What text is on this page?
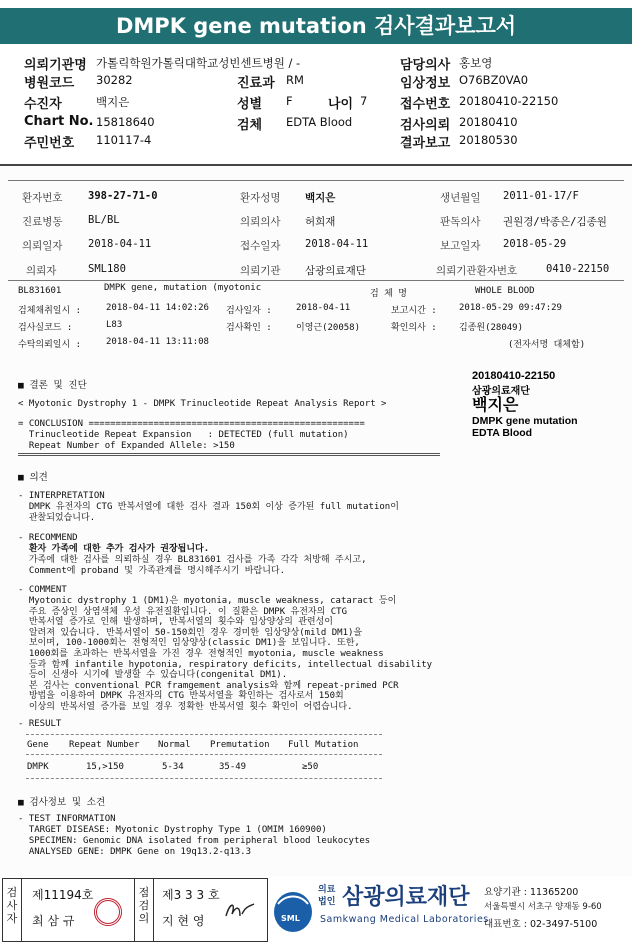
DMPK gene mutation 검사결과보고서
의뢰기관명 가톨릭학원가톨릭대학교성빈센트병원 / -
병원코드 30282
수진자	백지은
Chart No. 15818640
주민번호 110117-4
진료과 RM
성별 F	나이 7
검체 EDTA Blood
담당의사 홍보영
임상정보 O76BZ0VA0
접수번호 20180410-22150
검사의뢰 20180410
결과보고 20180530
환자번호 398-27-71-0	환자성명 백지은	생년월일 2011-01-17/F
진료병동 BL/BL	의뢰의사 허희재	판독의사 권원경/박종은/김종원
의뢰일자 2018-04-11	접수일자 2018-04-11	보고일자 2018-05-29
의뢰자	SML180	의뢰기관 삼광의료재단	의뢰기관환자번호	0410-22150
BL831601	DMPK gene, mutation (myotonic
검 체 명	WHOLE BLOOD
검체채취일시 :	2018-04-11 14:02:26 검사일자 :	2018-04-11	보고시간 : 2018-05-29 09:47:29
검사실코드 :	L83	검사확인 :	이영근(20058)	확인의사 : 김종원(28049)
수탁의뢰일시 :	2018-04-11 13:11:08	(전자서명 대체함)
20180410-22150
삼광의료재단
백지은
DMPK gene mutation
EDTA Blood
■ 결론 및 진단
< Myotonic Dystrophy 1 - DMPK Trinucleotide Repeat Analysis Report >
= CONCLUSION ===================================================
Trinucleotide Repeat Expansion   : DETECTED (full mutation)
Repeat Number of Expanded Allele: >150
■ 의견
- INTERPRETATION
DMPK 유전자의 CTG 반복서열에 대한 검사 결과 150회 이상 증가된 full mutation이
관찰되었습니다.
- RECOMMEND
환자 가족에 대한 추가 검사가 권장됩니다.
가족에 대한 검사를 의뢰하실 경우 BL831601 검사를 가족 각각 처방해 주시고,
Comment에 proband 및 가족관계를 명시해주시기 바랍니다.
- COMMENT
Myotonic dystrophy 1 (DM1)은 myotonia, muscle weakness, cataract 등이
주요 증상인 상염색체 우성 유전질환입니다. 이 질환은 DMPK 유전자의 CTG
반복서열 증가로 인해 발생하며, 반복서열의 횟수와 임상양상의 관련성이
알려져 있습니다. 반복서열이 50-150회인 경우 경미한 임상양상(mild DM1)을
보이며, 100-1000회는 전형적인 임상양상(classic DM1)을 보입니다. 또한,
1000회를 초과하는 반복서열을 가진 경우 전형적인 myotonia, muscle weakness
등과 함께 infantile hypotonia, respiratory deficits, intellectual disability
등이 신생아 시기에 발생할 수 있습니다(congenital DM1).
본 검사는 conventional PCR framgement analysis와 함께 repeat-primed PCR
방법을 이용하여 DMPK 유전자의 CTG 반복서열을 확인하는 검사로서 150회
이상의 반복서열 증가를 보일 경우 정확한 반복서열 횟수 확인이 어렵습니다.
- RESULT
Gene Repeat Number Normal Premutation Full Mutation
DMPK	15,>150	5-34	35-49	≥50
■ 검사정보 및 소견
- TEST INFORMATION
TARGET DISEASE: Myotonic Dystrophy Type 1 (OMIM 160900)
SPECIMEN: Genomic DNA isolated from peripheral blood leukocytes
ANALYSED GENE: DMPK Gene on 19q13.2-q13.3
검사자
제11194호
최 삼 규
점검의
제3 3 3 호
지 현 영	SML
의료
법인 삼광의료재단
Samkwang Medical Laboratories
요양기관 : 11365200
서울특별시 서초구 양재동 9-60
대표번호 : 02-3497-5100
